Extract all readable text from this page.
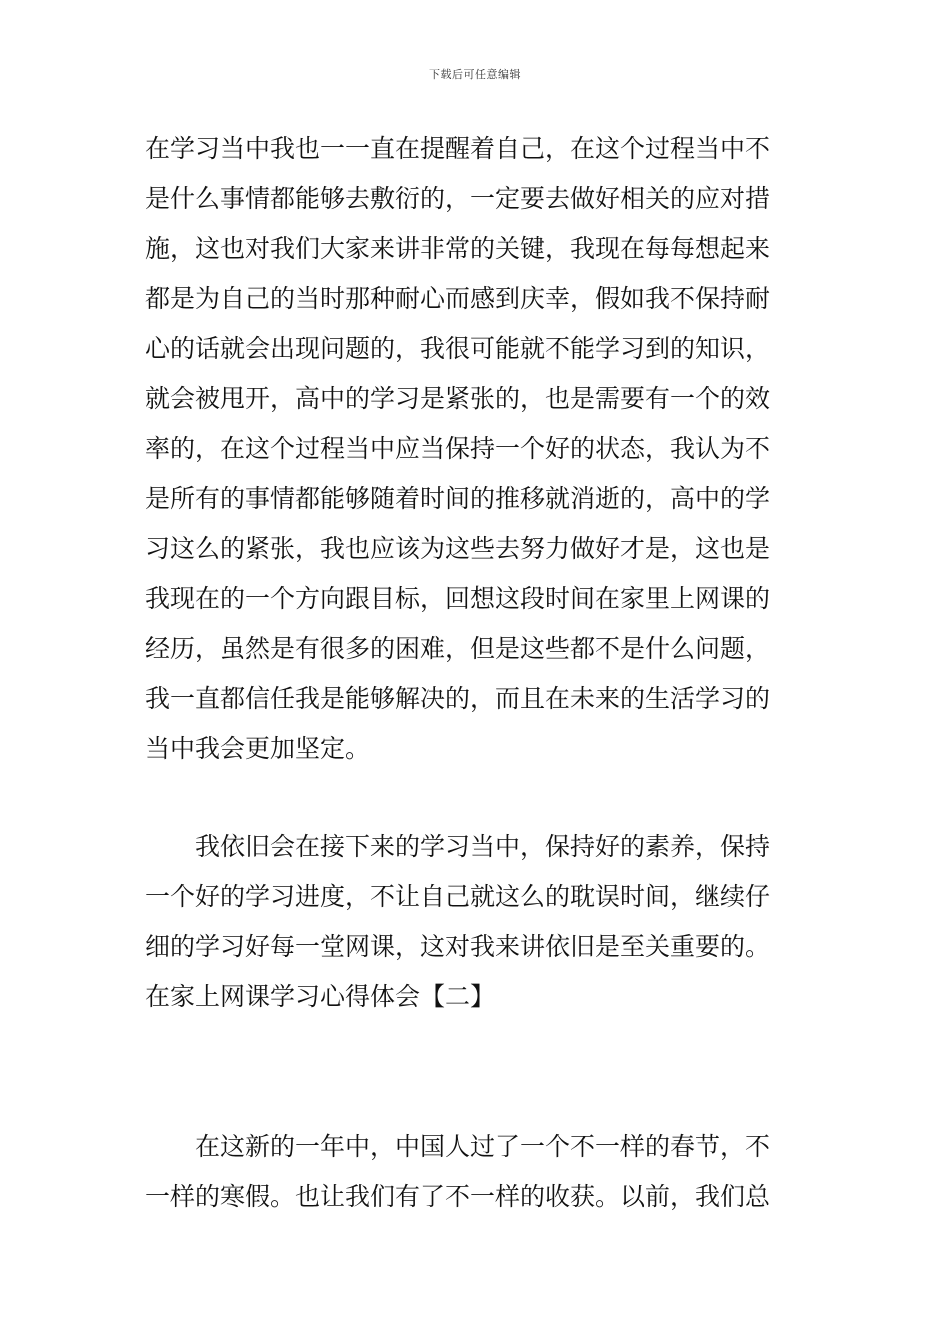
下载后可任意编辑
在学习当中我也一一直在提醒着自己，在这个过程当中不
是什么事情都能够去敷衍的，一定要去做好相关的应对措
施，这也对我们大家来讲非常的关键，我现在每每想起来
都是为自己的当时那种耐心而感到庆幸，假如我不保持耐
心的话就会出现问题的，我很可能就不能学习到的知识，
就会被甩开，高中的学习是紧张的，也是需要有一个的效
率的，在这个过程当中应当保持一个好的状态，我认为不
是所有的事情都能够随着时间的推移就消逝的，高中的学
习这么的紧张，我也应该为这些去努力做好才是，这也是
我现在的一个方向跟目标，回想这段时间在家里上网课的
经历，虽然是有很多的困难，但是这些都不是什么问题，
我一直都信任我是能够解决的，而且在未来的生活学习的
当中我会更加坚定。
　　我依旧会在接下来的学习当中，保持好的素养，保持
一个好的学习进度，不让自己就这么的耽误时间，继续仔
细的学习好每一堂网课，这对我来讲依旧是至关重要的。
在家上网课学习心得体会【二】
　　在这新的一年中，中国人过了一个不一样的春节，不
一样的寒假。也让我们有了不一样的收获。以前，我们总
